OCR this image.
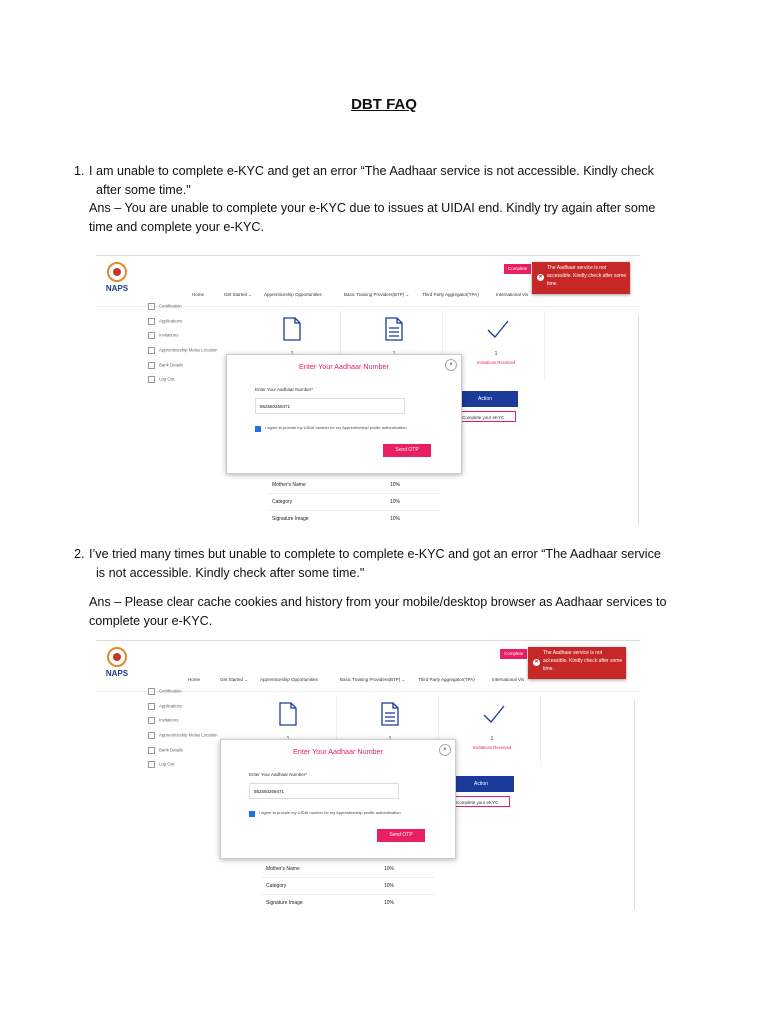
DBT FAQ
1. I am unable to complete e-KYC and get an error “The Aadhaar service is not accessible. Kindly check
after some time."
Ans – You are unable to complete your e-KYC due to issues at UIDAI end. Kindly try again after some
time and complete your e-KYC.
NAPS
Home	Get Started ⌄	Apprenticeship Opportunities	Basic Training Providers(BTP) ⌄	Third Party Aggregator(TPA)	International Vis
Complete
✕
The Aadhaar service is not accessible. Kindly check after some time.
Certification
Applications
Invitations
Apprenticeship Melas Location
Bank Details
Log Out
1
Invitations Received
Action
Complete your eKYC
Mother's Name	10%
Category	10%
Signature Image	10%
Enter Your Aadhaar Number	×
Enter Your Aadhaar Number*
862550269471
I agree to provide my UIDAI number for my Apprenticeship profile authentication
Send OTP
2. I’ve tried many times but unable to complete to complete e-KYC and got an error “The Aadhaar service
is not accessible. Kindly check after some time."
Ans – Please clear cache cookies and history from your mobile/desktop browser as Aadhaar services to
complete your e-KYC.
NAPS
Home	Get Started ⌄	Apprenticeship Opportunities	Basic Training Providers(BTP) ⌄	Third Party Aggregator(TPA)	International Vis
Complete
✕
The Aadhaar service is not accessible. Kindly check after some time.
Certification
Applications
Invitations
Apprenticeship Melas Location
Bank Details
Log Out
1
Invitations Received
Action
Complete your eKYC
Mother's Name	10%
Category	10%
Signature Image	10%
Enter Your Aadhaar Number	×
Enter Your Aadhaar Number*
862550269471
I agree to provide my UIDAI number for my Apprenticeship profile authentication
Send OTP
